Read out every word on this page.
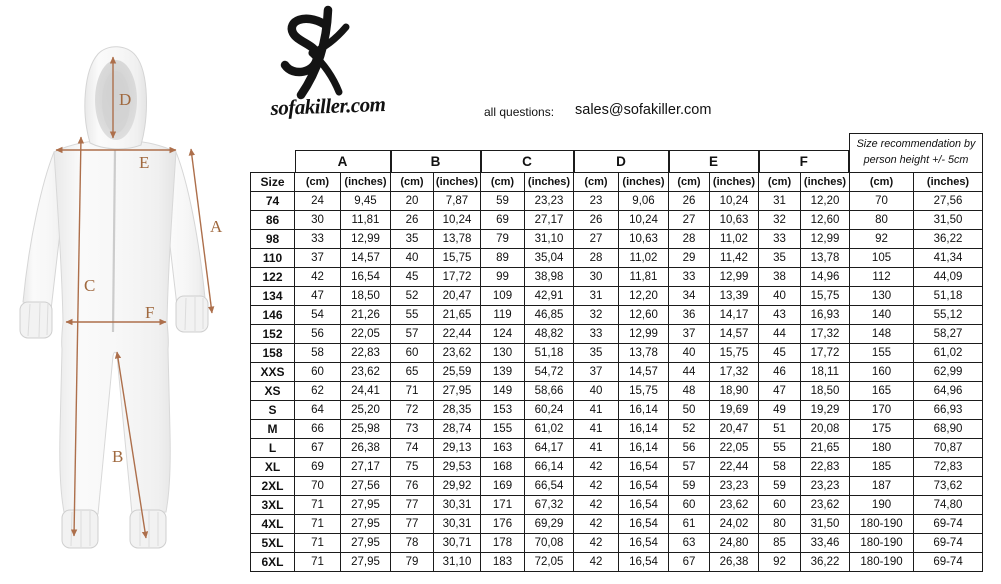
A
B
C
D
E
F
sofakiller.com	all questions: sales@sofakiller.com

A		B		C		D		E		F		Size recommendation by
person height +/- 5cm	

Size	(cm)	(inches)	(cm)	(inches)	(cm)	(inches)	(cm)	(inches)	(cm)	(inches)	(cm)	(inches)	(cm)	(inches)
74	24	9,45	20	7,87	59	23,23	23	9,06	26	10,24	31	12,20	70	27,56
86	30	11,81	26	10,24	69	27,17	26	10,24	27	10,63	32	12,60	80	31,50
98	33	12,99	35	13,78	79	31,10	27	10,63	28	11,02	33	12,99	92	36,22
110	37	14,57	40	15,75	89	35,04	28	11,02	29	11,42	35	13,78	105	41,34
122	42	16,54	45	17,72	99	38,98	30	11,81	33	12,99	38	14,96	112	44,09
134	47	18,50	52	20,47	109	42,91	31	12,20	34	13,39	40	15,75	130	51,18
146	54	21,26	55	21,65	119	46,85	32	12,60	36	14,17	43	16,93	140	55,12
152	56	22,05	57	22,44	124	48,82	33	12,99	37	14,57	44	17,32	148	58,27
158	58	22,83	60	23,62	130	51,18	35	13,78	40	15,75	45	17,72	155	61,02
XXS	60	23,62	65	25,59	139	54,72	37	14,57	44	17,32	46	18,11	160	62,99
XS	62	24,41	71	27,95	149	58,66	40	15,75	48	18,90	47	18,50	165	64,96
S	64	25,20	72	28,35	153	60,24	41	16,14	50	19,69	49	19,29	170	66,93
M	66	25,98	73	28,74	155	61,02	41	16,14	52	20,47	51	20,08	175	68,90
L	67	26,38	74	29,13	163	64,17	41	16,14	56	22,05	55	21,65	180	70,87
XL	69	27,17	75	29,53	168	66,14	42	16,54	57	22,44	58	22,83	185	72,83
2XL	70	27,56	76	29,92	169	66,54	42	16,54	59	23,23	59	23,23	187	73,62
3XL	71	27,95	77	30,31	171	67,32	42	16,54	60	23,62	60	23,62	190	74,80
4XL	71	27,95	77	30,31	176	69,29	42	16,54	61	24,02	80	31,50	180-190	69-74
5XL	71	27,95	78	30,71	178	70,08	42	16,54	63	24,80	85	33,46	180-190	69-74
6XL	71	27,95	79	31,10	183	72,05	42	16,54	67	26,38	92	36,22	180-190	69-74
